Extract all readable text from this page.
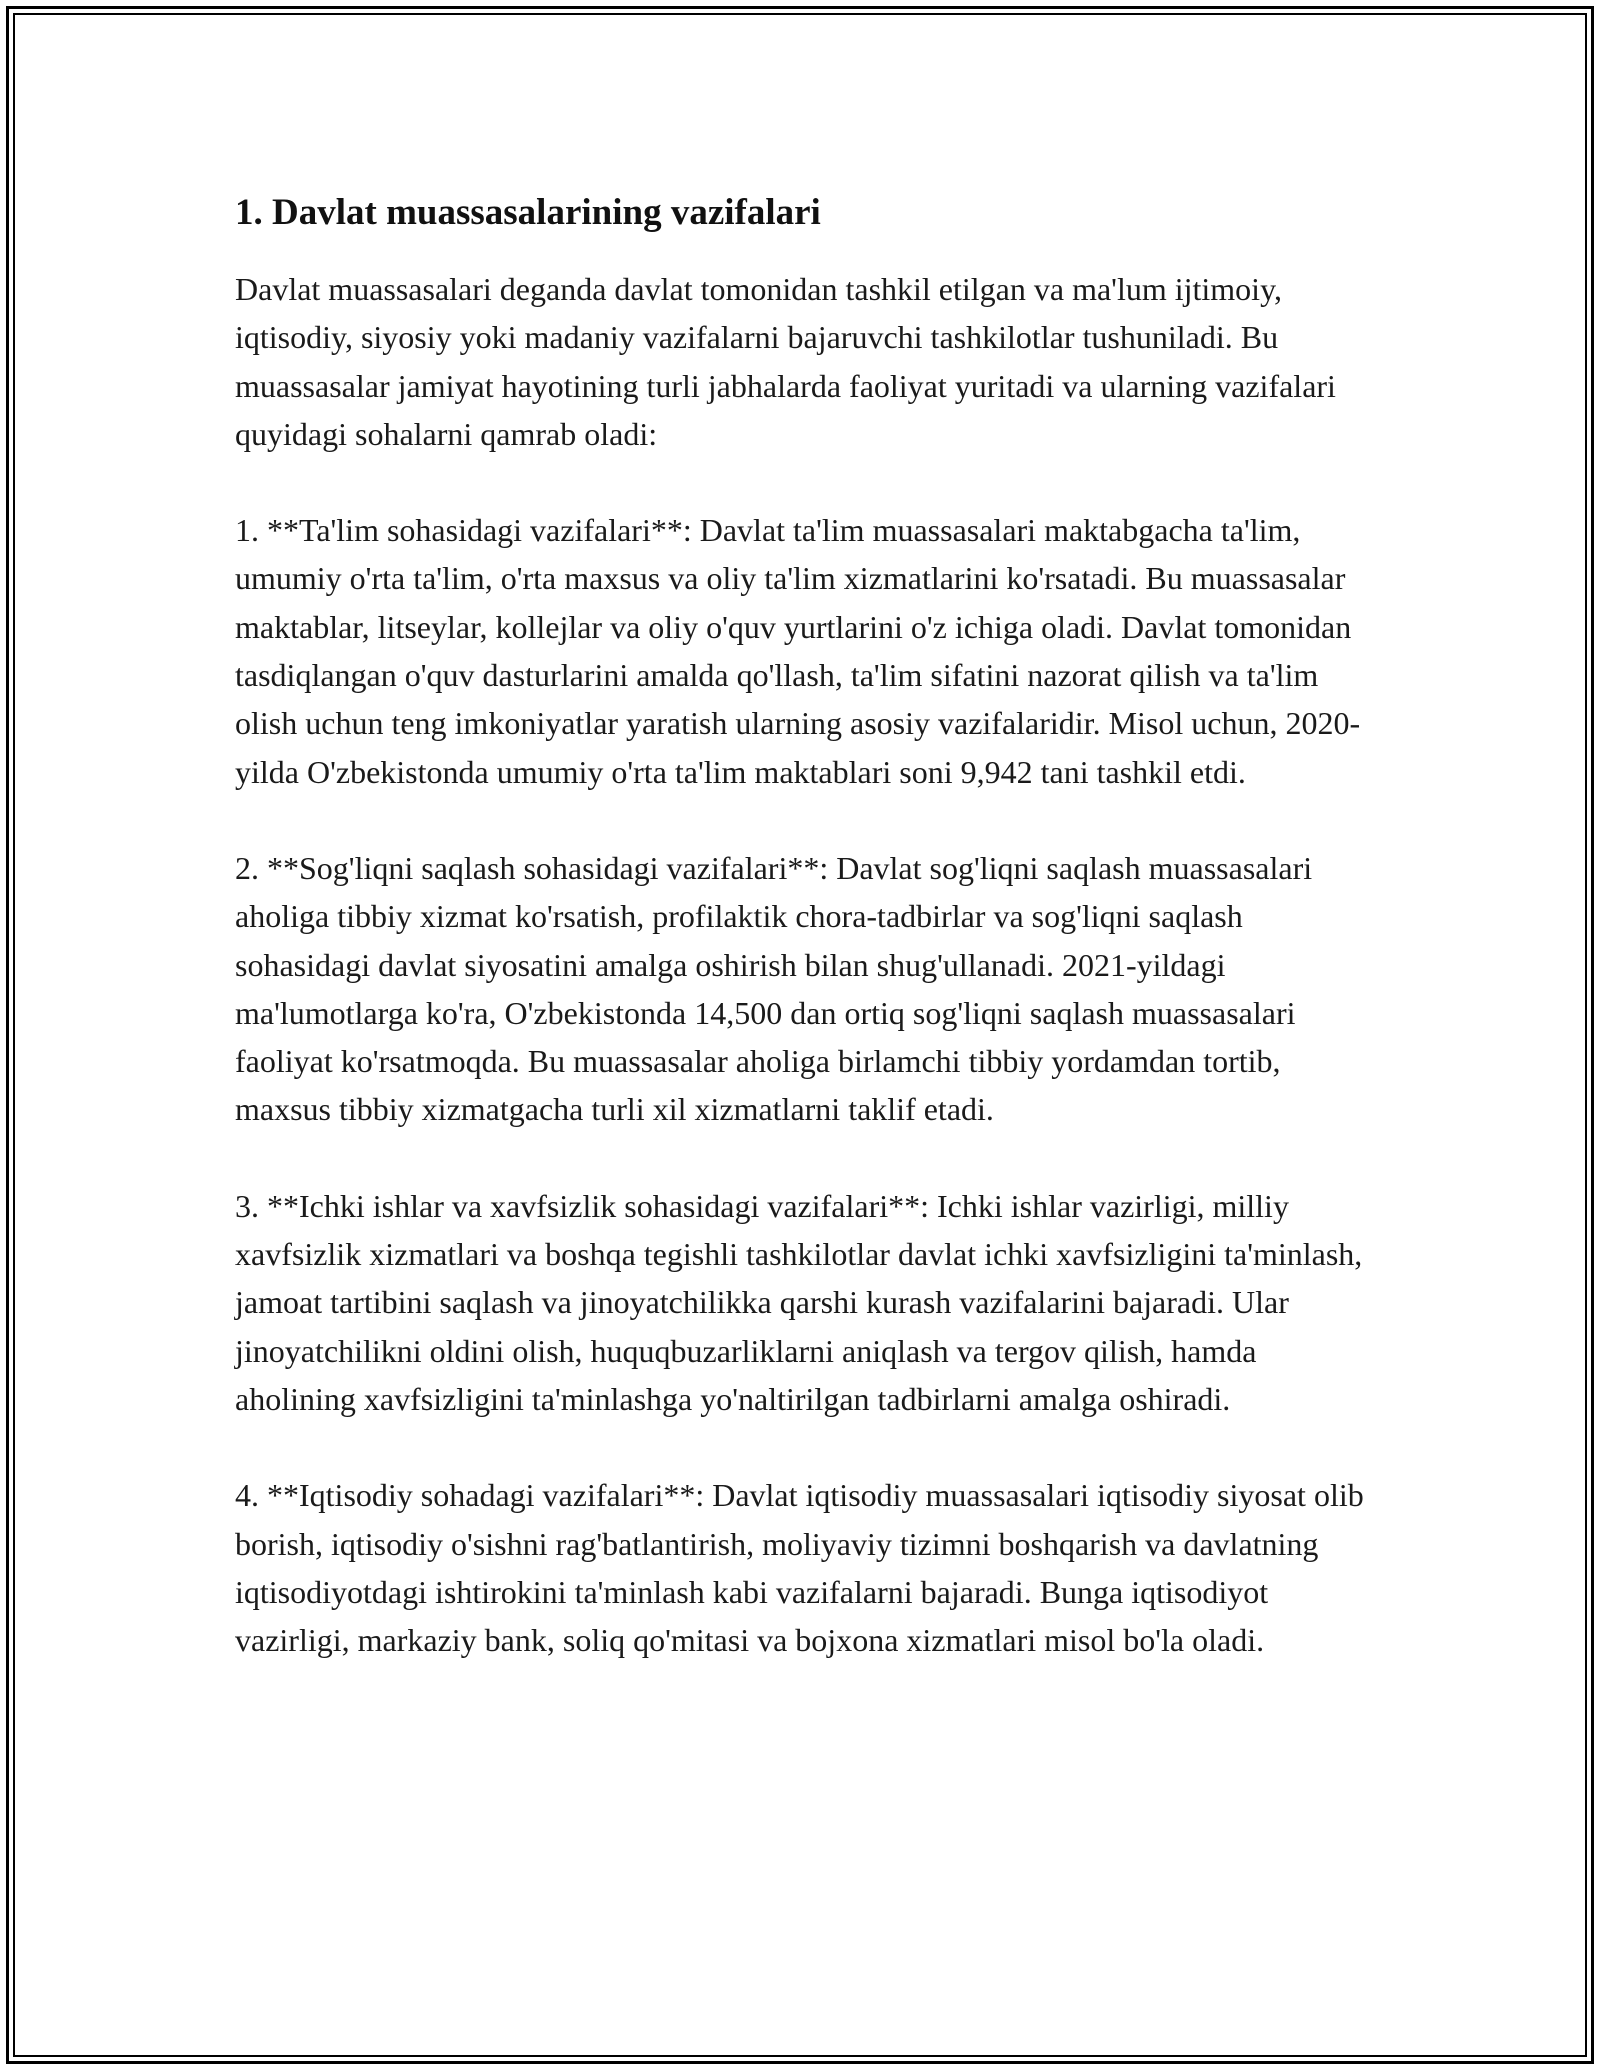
1. Davlat muassasalarining vazifalari

Davlat muassasalari deganda davlat tomonidan tashkil etilgan va ma'lum ijtimoiy, iqtisodiy, siyosiy yoki madaniy vazifalarni bajaruvchi tashkilotlar tushuniladi. Bu muassasalar jamiyat hayotining turli jabhalarda faoliyat yuritadi va ularning vazifalari quyidagi sohalarni qamrab oladi:

1. **Ta'lim sohasidagi vazifalari**: Davlat ta'lim muassasalari maktabgacha ta'lim, umumiy o'rta ta'lim, o'rta maxsus va oliy ta'lim xizmatlarini ko'rsatadi. Bu muassasalar maktablar, litseylar, kollejlar va oliy o'quv yurtlarini o'z ichiga oladi. Davlat tomonidan tasdiqlangan o'quv dasturlarini amalda qo'llash, ta'lim sifatini nazorat qilish va ta'lim olish uchun teng imkoniyatlar yaratish ularning asosiy vazifalaridir. Misol uchun, 2020-yilda O'zbekistonda umumiy o'rta ta'lim maktablari soni 9,942 tani tashkil etdi.

2. **Sog'liqni saqlash sohasidagi vazifalari**: Davlat sog'liqni saqlash muassasalari aholiga tibbiy xizmat ko'rsatish, profilaktik chora-tadbirlar va sog'liqni saqlash sohasidagi davlat siyosatini amalga oshirish bilan shug'ullanadi. 2021-yildagi ma'lumotlarga ko'ra, O'zbekistonda 14,500 dan ortiq sog'liqni saqlash muassasalari faoliyat ko'rsatmoqda. Bu muassasalar aholiga birlamchi tibbiy yordamdan tortib, maxsus tibbiy xizmatgacha turli xil xizmatlarni taklif etadi.

3. **Ichki ishlar va xavfsizlik sohasidagi vazifalari**: Ichki ishlar vazirligi, milliy xavfsizlik xizmatlari va boshqa tegishli tashkilotlar davlat ichki xavfsizligini ta'minlash, jamoat tartibini saqlash va jinoyatchilikka qarshi kurash vazifalarini bajaradi. Ular jinoyatchilikni oldini olish, huquqbuzarliklarni aniqlash va tergov qilish, hamda aholining xavfsizligini ta'minlashga yo'naltirilgan tadbirlarni amalga oshiradi.

4. **Iqtisodiy sohadagi vazifalari**: Davlat iqtisodiy muassasalari iqtisodiy siyosat olib borish, iqtisodiy o'sishni rag'batlantirish, moliyaviy tizimni boshqarish va davlatning iqtisodiyotdagi ishtirokini ta'minlash kabi vazifalarni bajaradi. Bunga iqtisodiyot vazirligi, markaziy bank, soliq qo'mitasi va bojxona xizmatlari misol bo'la oladi.
